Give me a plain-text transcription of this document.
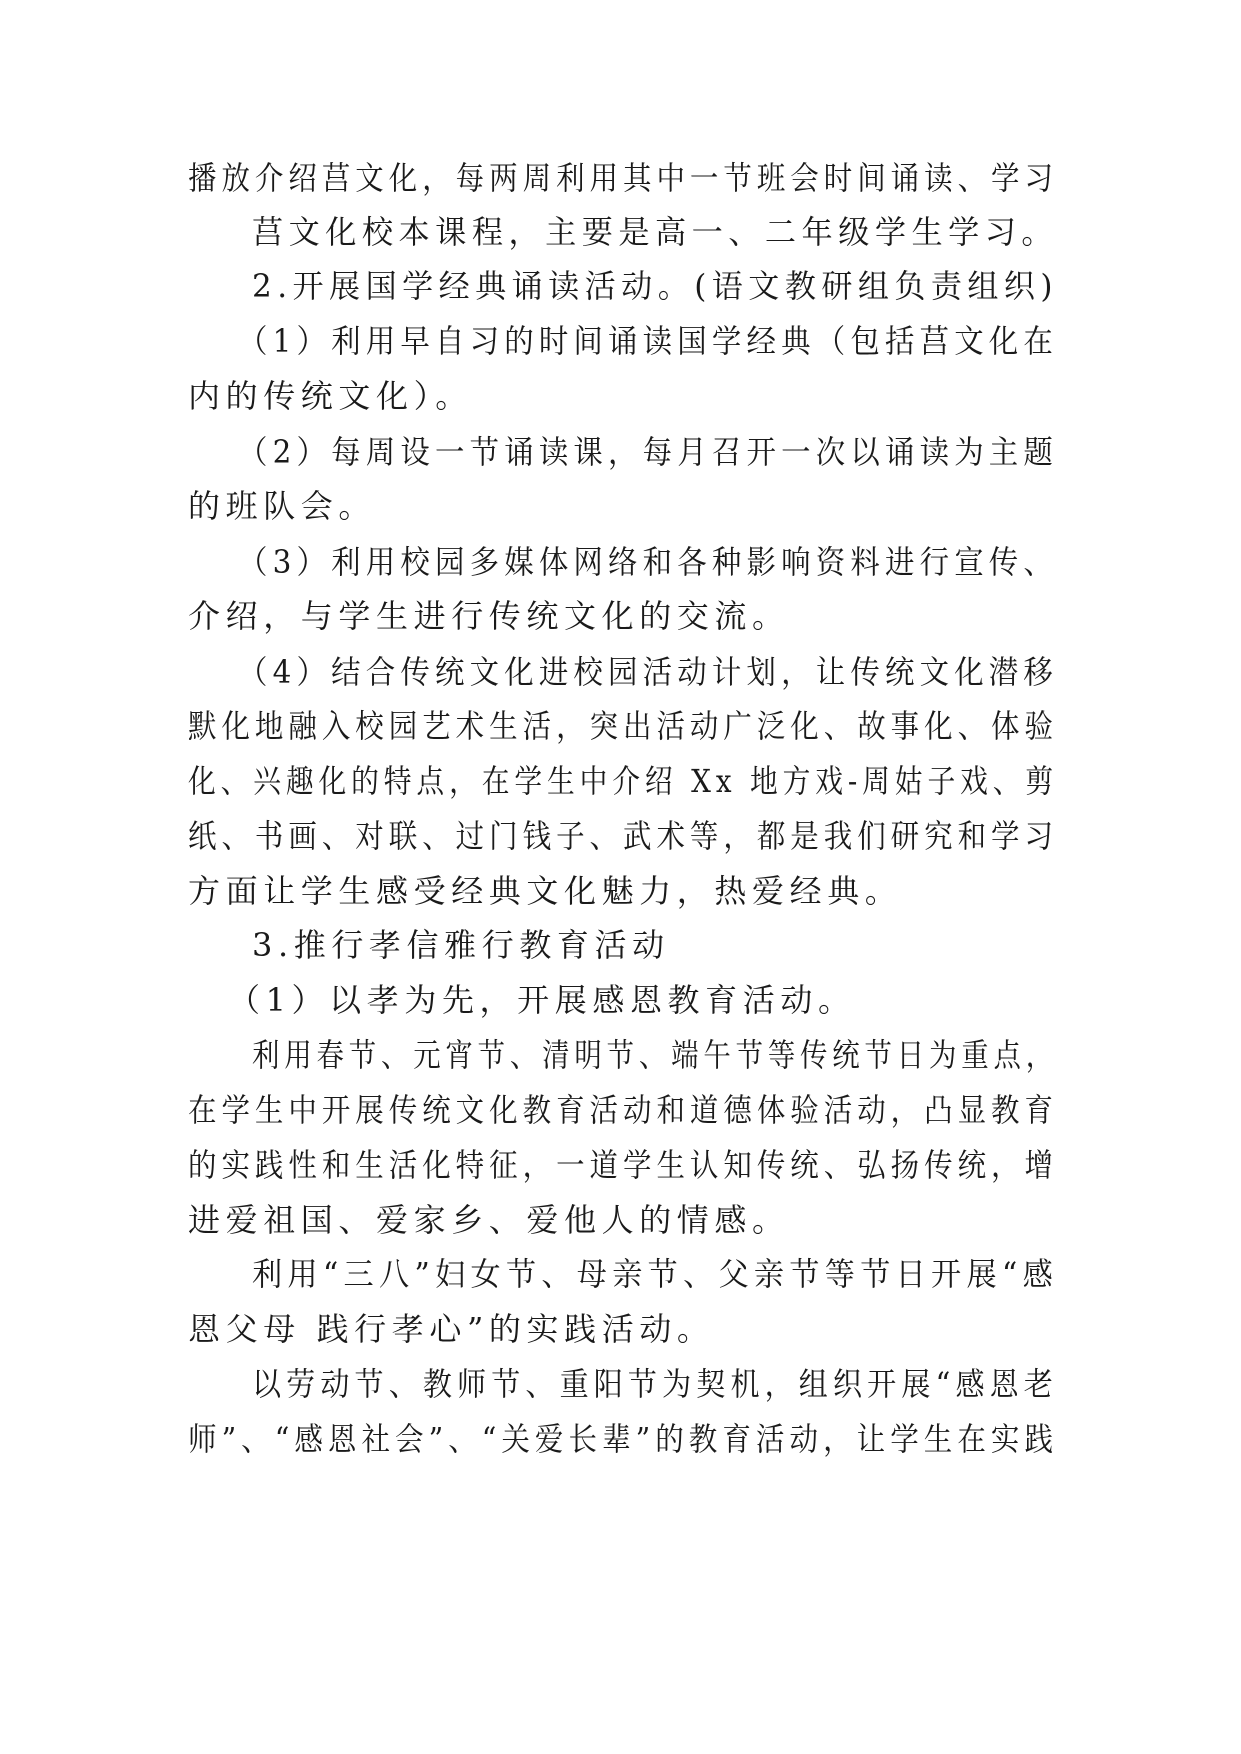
播放介绍莒文化，每两周利用其中一节班会时间诵读、学习
莒文化校本课程，主要是高一、二年级学生学习。
2.开展国学经典诵读活动。(语文教研组负责组织)
（1）利用早自习的时间诵读国学经典（包括莒文化在
内的传统文化）。
（2）每周设一节诵读课，每月召开一次以诵读为主题
的班队会。
（3）利用校园多媒体网络和各种影响资料进行宣传、
介绍，与学生进行传统文化的交流。
（4）结合传统文化进校园活动计划，让传统文化潜移
默化地融入校园艺术生活，突出活动广泛化、故事化、体验
化、兴趣化的特点，在学生中介绍 Xx 地方戏-周姑子戏、剪
纸、书画、对联、过门钱子、武术等，都是我们研究和学习
方面让学生感受经典文化魅力，热爱经典。
3.推行孝信雅行教育活动
（1）以孝为先，开展感恩教育活动。
利用春节、元宵节、清明节、端午节等传统节日为重点，
在学生中开展传统文化教育活动和道德体验活动，凸显教育
的实践性和生活化特征，一道学生认知传统、弘扬传统，增
进爱祖国、爱家乡、爱他人的情感。
利用“三八”妇女节、母亲节、父亲节等节日开展“感
恩父母 践行孝心”的实践活动。
以劳动节、教师节、重阳节为契机，组织开展“感恩老
师”、“感恩社会”、“关爱长辈”的教育活动，让学生在实践
